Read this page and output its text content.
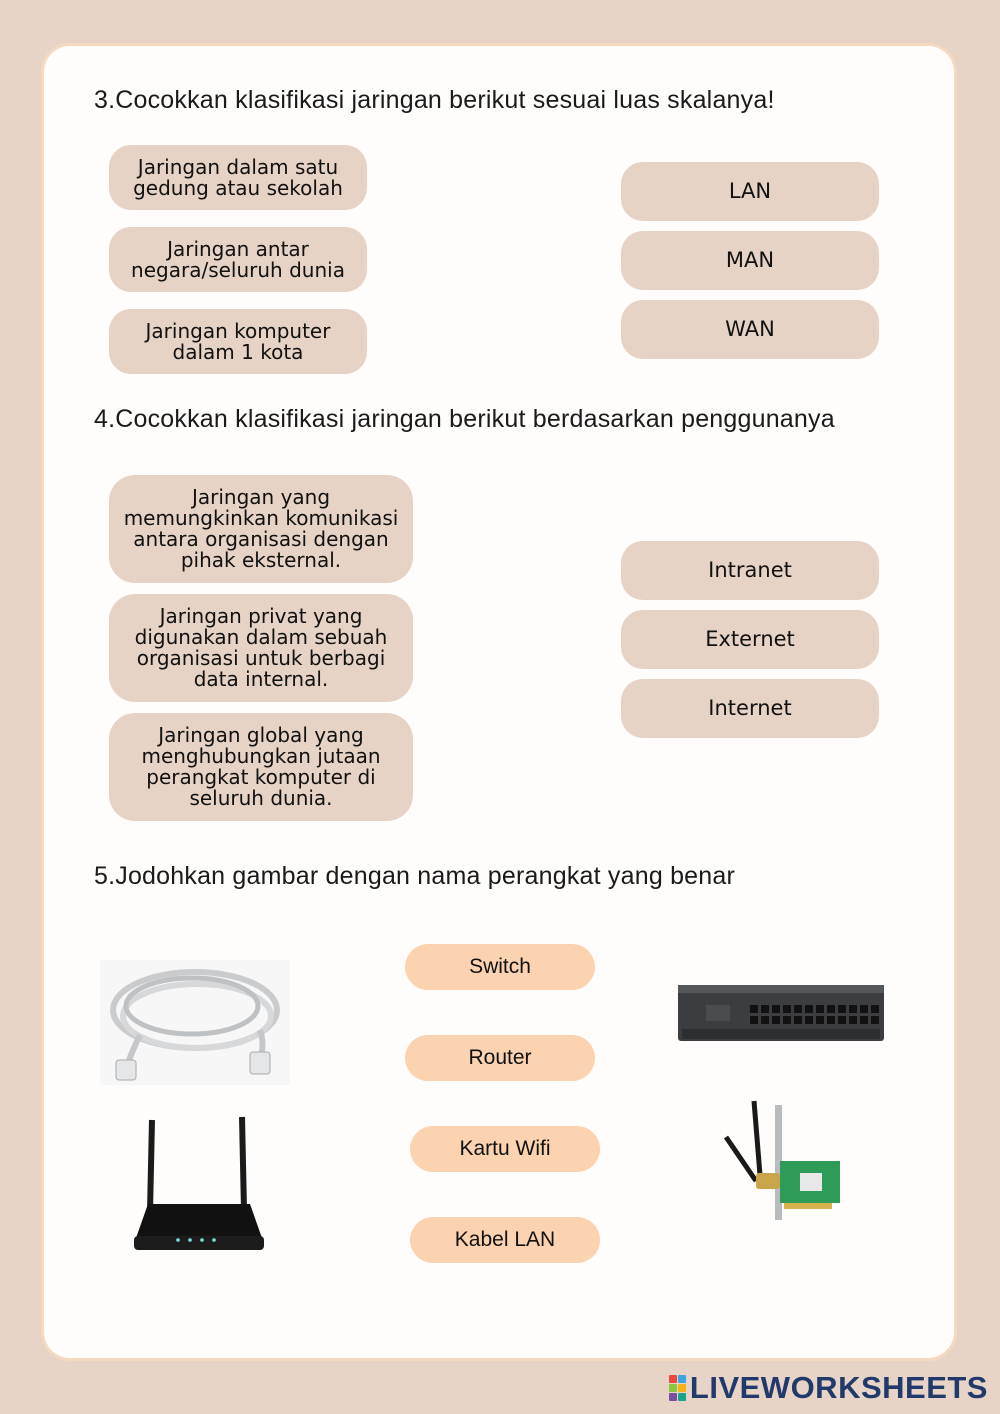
3.Cocokkan klasifikasi jaringan berikut sesuai luas skalanya!
Jaringan dalam satu gedung atau sekolah
Jaringan antar negara/seluruh dunia
Jaringan komputer dalam 1 kota
LAN
MAN
WAN
4.Cocokkan klasifikasi jaringan berikut berdasarkan penggunanya
Jaringan yang memungkinkan komunikasi antara organisasi dengan pihak eksternal.
Jaringan privat yang digunakan dalam sebuah organisasi untuk berbagi data internal.
Jaringan global yang menghubungkan jutaan perangkat komputer di seluruh dunia.
Intranet
Externet
Internet
5.Jodohkan gambar dengan nama perangkat yang benar
Switch
Router
Kartu Wifi
Kabel LAN
LIVEWORKSHEETS
